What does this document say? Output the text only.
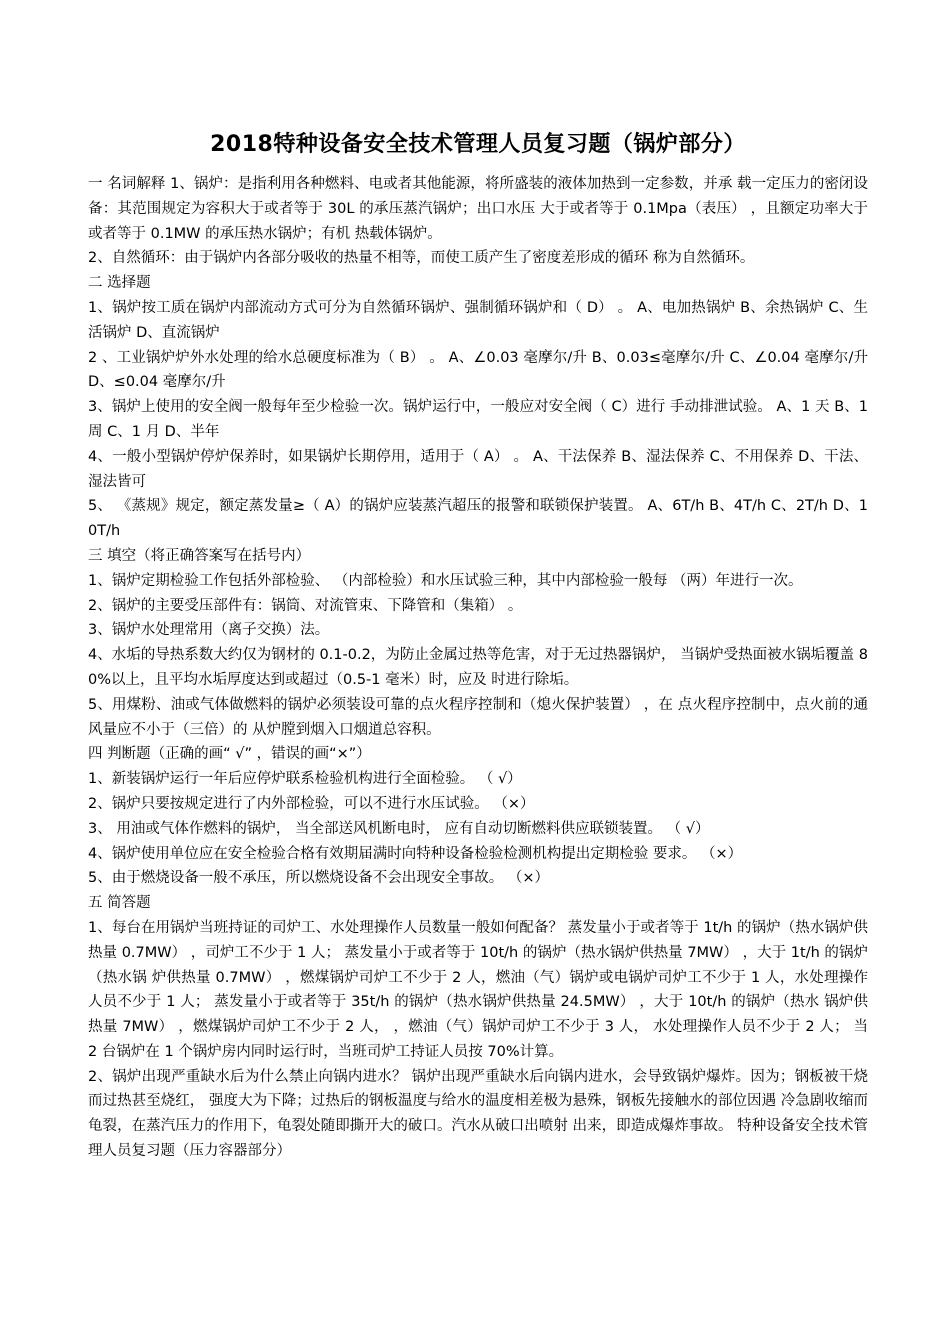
2018特种设备安全技术管理人员复习题（锅炉部分）

一 名词解释 1、锅炉：是指利用各种燃料、电或者其他能源，将所盛装的液体加热到一定参数，并承 载一定压力的密闭设备：其范围规定为容积大于或者等于 30L 的承压蒸汽锅炉；出口水压 大于或者等于 0.1Mpa（表压） ，且额定功率大于或者等于 0.1MW 的承压热水锅炉；有机 热载体锅炉。

2、自然循环：由于锅炉内各部分吸收的热量不相等，而使工质产生了密度差形成的循环 称为自然循环。

二 选择题

1、锅炉按工质在锅炉内部流动方式可分为自然循环锅炉、强制循环锅炉和（ D） 。 A、电加热锅炉 B、余热锅炉 C、生活锅炉 D、直流锅炉

2 、工业锅炉炉外水处理的给水总硬度标准为（ B） 。 A、∠0.03 毫摩尔/升 B、0.03≤毫摩尔/升 C、∠0.04 毫摩尔/升 D、≤0.04 毫摩尔/升

3、锅炉上使用的安全阀一般每年至少检验一次。锅炉运行中，一般应对安全阀（ C）进行 手动排泄试验。 A、1 天 B、1 周 C、1 月 D、半年

4、一般小型锅炉停炉保养时，如果锅炉长期停用，适用于（ A） 。 A、干法保养 B、湿法保养 C、不用保养 D、干法、湿法皆可

5、 《蒸规》规定，额定蒸发量≥（ A）的锅炉应装蒸汽超压的报警和联锁保护装置。 A、6T/h B、4T/h C、2T/h D、10T/h

三 填空（将正确答案写在括号内）

1、锅炉定期检验工作包括外部检验、 （内部检验）和水压试验三种，其中内部检验一般每 （两）年进行一次。

2、锅炉的主要受压部件有：锅筒、对流管束、下降管和（集箱） 。

3、锅炉水处理常用（离子交换）法。

4、水垢的导热系数大约仅为钢材的 0.1-0.2，为防止金属过热等危害，对于无过热器锅炉， 当锅炉受热面被水锅垢覆盖 80%以上，且平均水垢厚度达到或超过（0.5-1 毫米）时，应及 时进行除垢。

5、用煤粉、油或气体做燃料的锅炉必须装设可靠的点火程序控制和（熄火保护装置） ，在 点火程序控制中，点火前的通风量应不小于（三倍）的 从炉膛到烟入口烟道总容积。

四 判断题（正确的画“ √” ，错误的画“×”）

1、新装锅炉运行一年后应停炉联系检验机构进行全面检验。 （ √）

2、锅炉只要按规定进行了内外部检验，可以不进行水压试验。 （×）

3、 用油或气体作燃料的锅炉， 当全部送风机断电时， 应有自动切断燃料供应联锁装置。 （ √）

4、锅炉使用单位应在安全检验合格有效期届满时向特种设备检验检测机构提出定期检验 要求。 （×）

5、由于燃烧设备一般不承压，所以燃烧设备不会出现安全事故。 （×）

五 简答题

1、每台在用锅炉当班持证的司炉工、水处理操作人员数量一般如何配备？ 蒸发量小于或者等于 1t/h 的锅炉（热水锅炉供热量 0.7MW） ，司炉工不少于 1 人； 蒸发量小于或者等于 10t/h 的锅炉（热水锅炉供热量 7MW） ，大于 1t/h 的锅炉（热水锅 炉供热量 0.7MW） ，燃煤锅炉司炉工不少于 2 人，燃油（气）锅炉或电锅炉司炉工不少于 1 人，水处理操作人员不少于 1 人； 蒸发量小于或者等于 35t/h 的锅炉（热水锅炉供热量 24.5MW） ，大于 10t/h 的锅炉（热水 锅炉供热量 7MW） ，燃煤锅炉司炉工不少于 2 人， ，燃油（气）锅炉司炉工不少于 3 人， 水处理操作人员不少于 2 人； 当 2 台锅炉在 1 个锅炉房内同时运行时，当班司炉工持证人员按 70%计算。

2、锅炉出现严重缺水后为什么禁止向锅内进水？ 锅炉出现严重缺水后向锅内进水，会导致锅炉爆炸。因为；钢板被干烧而过热甚至烧红， 强度大为下降；过热后的钢板温度与给水的温度相差极为悬殊，钢板先接触水的部位因遇 冷急剧收缩而龟裂，在蒸汽压力的作用下，龟裂处随即撕开大的破口。汽水从破口出喷射 出来，即造成爆炸事故。 特种设备安全技术管理人员复习题（压力容器部分）
